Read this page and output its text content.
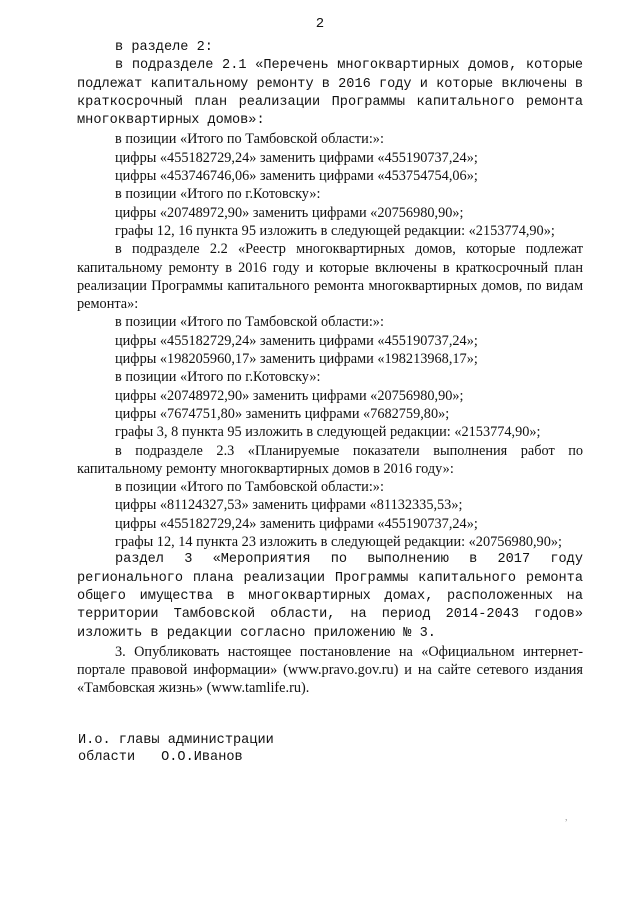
2

в разделе 2:

в подразделе 2.1 «Перечень многоквартирных домов, которые подлежат капитальному ремонту в 2016 году и которые включены в краткосрочный план реализации Программы капитального ремонта многоквартирных домов»:

в позиции «Итого по Тамбовской области:»:

цифры «455182729,24» заменить цифрами «455190737,24»;

цифры «453746746,06» заменить цифрами «453754754,06»;

в позиции «Итого по г.Котовску»:

цифры «20748972,90» заменить цифрами «20756980,90»;

графы 12, 16 пункта 95 изложить в следующей редакции: «2153774,90»;

в подразделе 2.2 «Реестр многоквартирных домов, которые подлежат капитальному ремонту в 2016 году и которые включены в краткосрочный план реализации Программы капитального ремонта многоквартирных домов, по видам ремонта»:

в позиции «Итого по Тамбовской области:»:

цифры «455182729,24» заменить цифрами «455190737,24»;

цифры «198205960,17» заменить цифрами «198213968,17»;

в позиции «Итого по г.Котовску»:

цифры «20748972,90» заменить цифрами «20756980,90»;

цифры «7674751,80» заменить цифрами «7682759,80»;

графы 3, 8 пункта 95 изложить в следующей редакции: «2153774,90»;

в подразделе 2.3 «Планируемые показатели выполнения работ по капитальному ремонту многоквартирных домов в 2016 году»:

в позиции «Итого по Тамбовской области:»:

цифры «81124327,53» заменить цифрами «81132335,53»;

цифры «455182729,24» заменить цифрами «455190737,24»;

графы 12, 14 пункта 23 изложить в следующей редакции: «20756980,90»;

раздел 3 «Мероприятия по выполнению в 2017 году регионального плана реализации Программы капитального ремонта общего имущества в многоквартирных домах, расположенных на территории Тамбовской области, на период 2014-2043 годов» изложить в редакции согласно приложению № 3.

3. Опубликовать настоящее постановление на «Официальном интернет-портале правовой информации» (www.pravo.gov.ru) и на сайте сетевого издания «Тамбовская жизнь» (www.tamlife.ru).

И.о. главы администрации
области О.О.Иванов
,
